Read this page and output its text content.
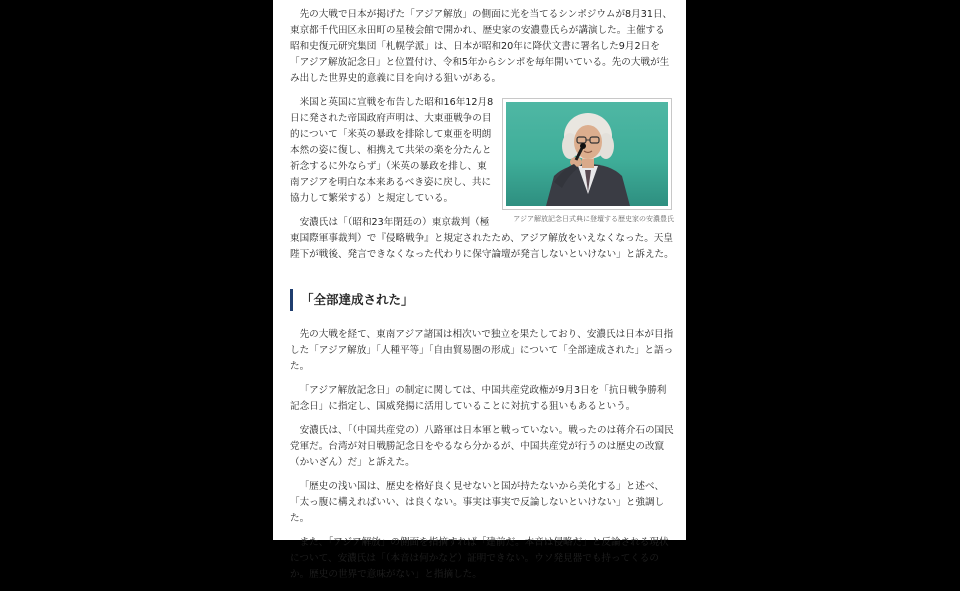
先の大戦で日本が掲げた「アジア解放」の側面に光を当てるシンポジウムが8月31日、東京都千代田区永田町の星稜会館で開かれ、歴史家の安濃豊氏らが講演した。主催する昭和史復元研究集団「札幌学派」は、日本が昭和20年に降伏文書に署名した9月2日を「アジア解放記念日」と位置付け、令和5年からシンポを毎年開いている。先の大戦が生み出した世界史的意義に目を向ける狙いがある。

アジア解放記念日式典に登壇する歴史家の安濃豊氏

米国と英国に宣戦を布告した昭和16年12月8日に発された帝国政府声明は、大東亜戦争の目的について「米英の暴政を排除して東亜を明朗本然の姿に復し、相携えて共栄の楽を分たんと祈念するに外ならず」（米英の暴政を排し、東南アジアを明白な本来あるべき姿に戻し、共に協力して繁栄する）と規定している。

安濃氏は「（昭和23年閉廷の）東京裁判（極東国際軍事裁判）で『侵略戦争』と規定されたため、アジア解放をいえなくなった。天皇陛下が戦後、発言できなくなった代わりに保守論壇が発言しないといけない」と訴えた。

「全部達成された」

先の大戦を経て、東南アジア諸国は相次いで独立を果たしており、安濃氏は日本が目指した「アジア解放」「人種平等」「自由貿易圏の形成」について「全部達成された」と語った。

「アジア解放記念日」の制定に関しては、中国共産党政権が9月3日を「抗日戦争勝利記念日」に指定し、国威発揚に活用していることに対抗する狙いもあるという。

安濃氏は、「（中国共産党の）八路軍は日本軍と戦っていない。戦ったのは蒋介石の国民党軍だ。台湾が対日戦勝記念日をやるなら分かるが、中国共産党が行うのは歴史の改竄（かいざん）だ」と訴えた。

「歴史の浅い国は、歴史を格好良く見せないと国が持たないから美化する」と述べ、「太っ腹に構えればいい、は良くない。事実は事実で反論しないといけない」と強調した。

また、「アジア解放」の側面を指摘すれば「建前だ。本音は侵略だ」と反論される現状について、安濃氏は「（本音は何かなど）証明できない。ウソ発見器でも持ってくるのか。歴史の世界で意味がない」と指摘した。
